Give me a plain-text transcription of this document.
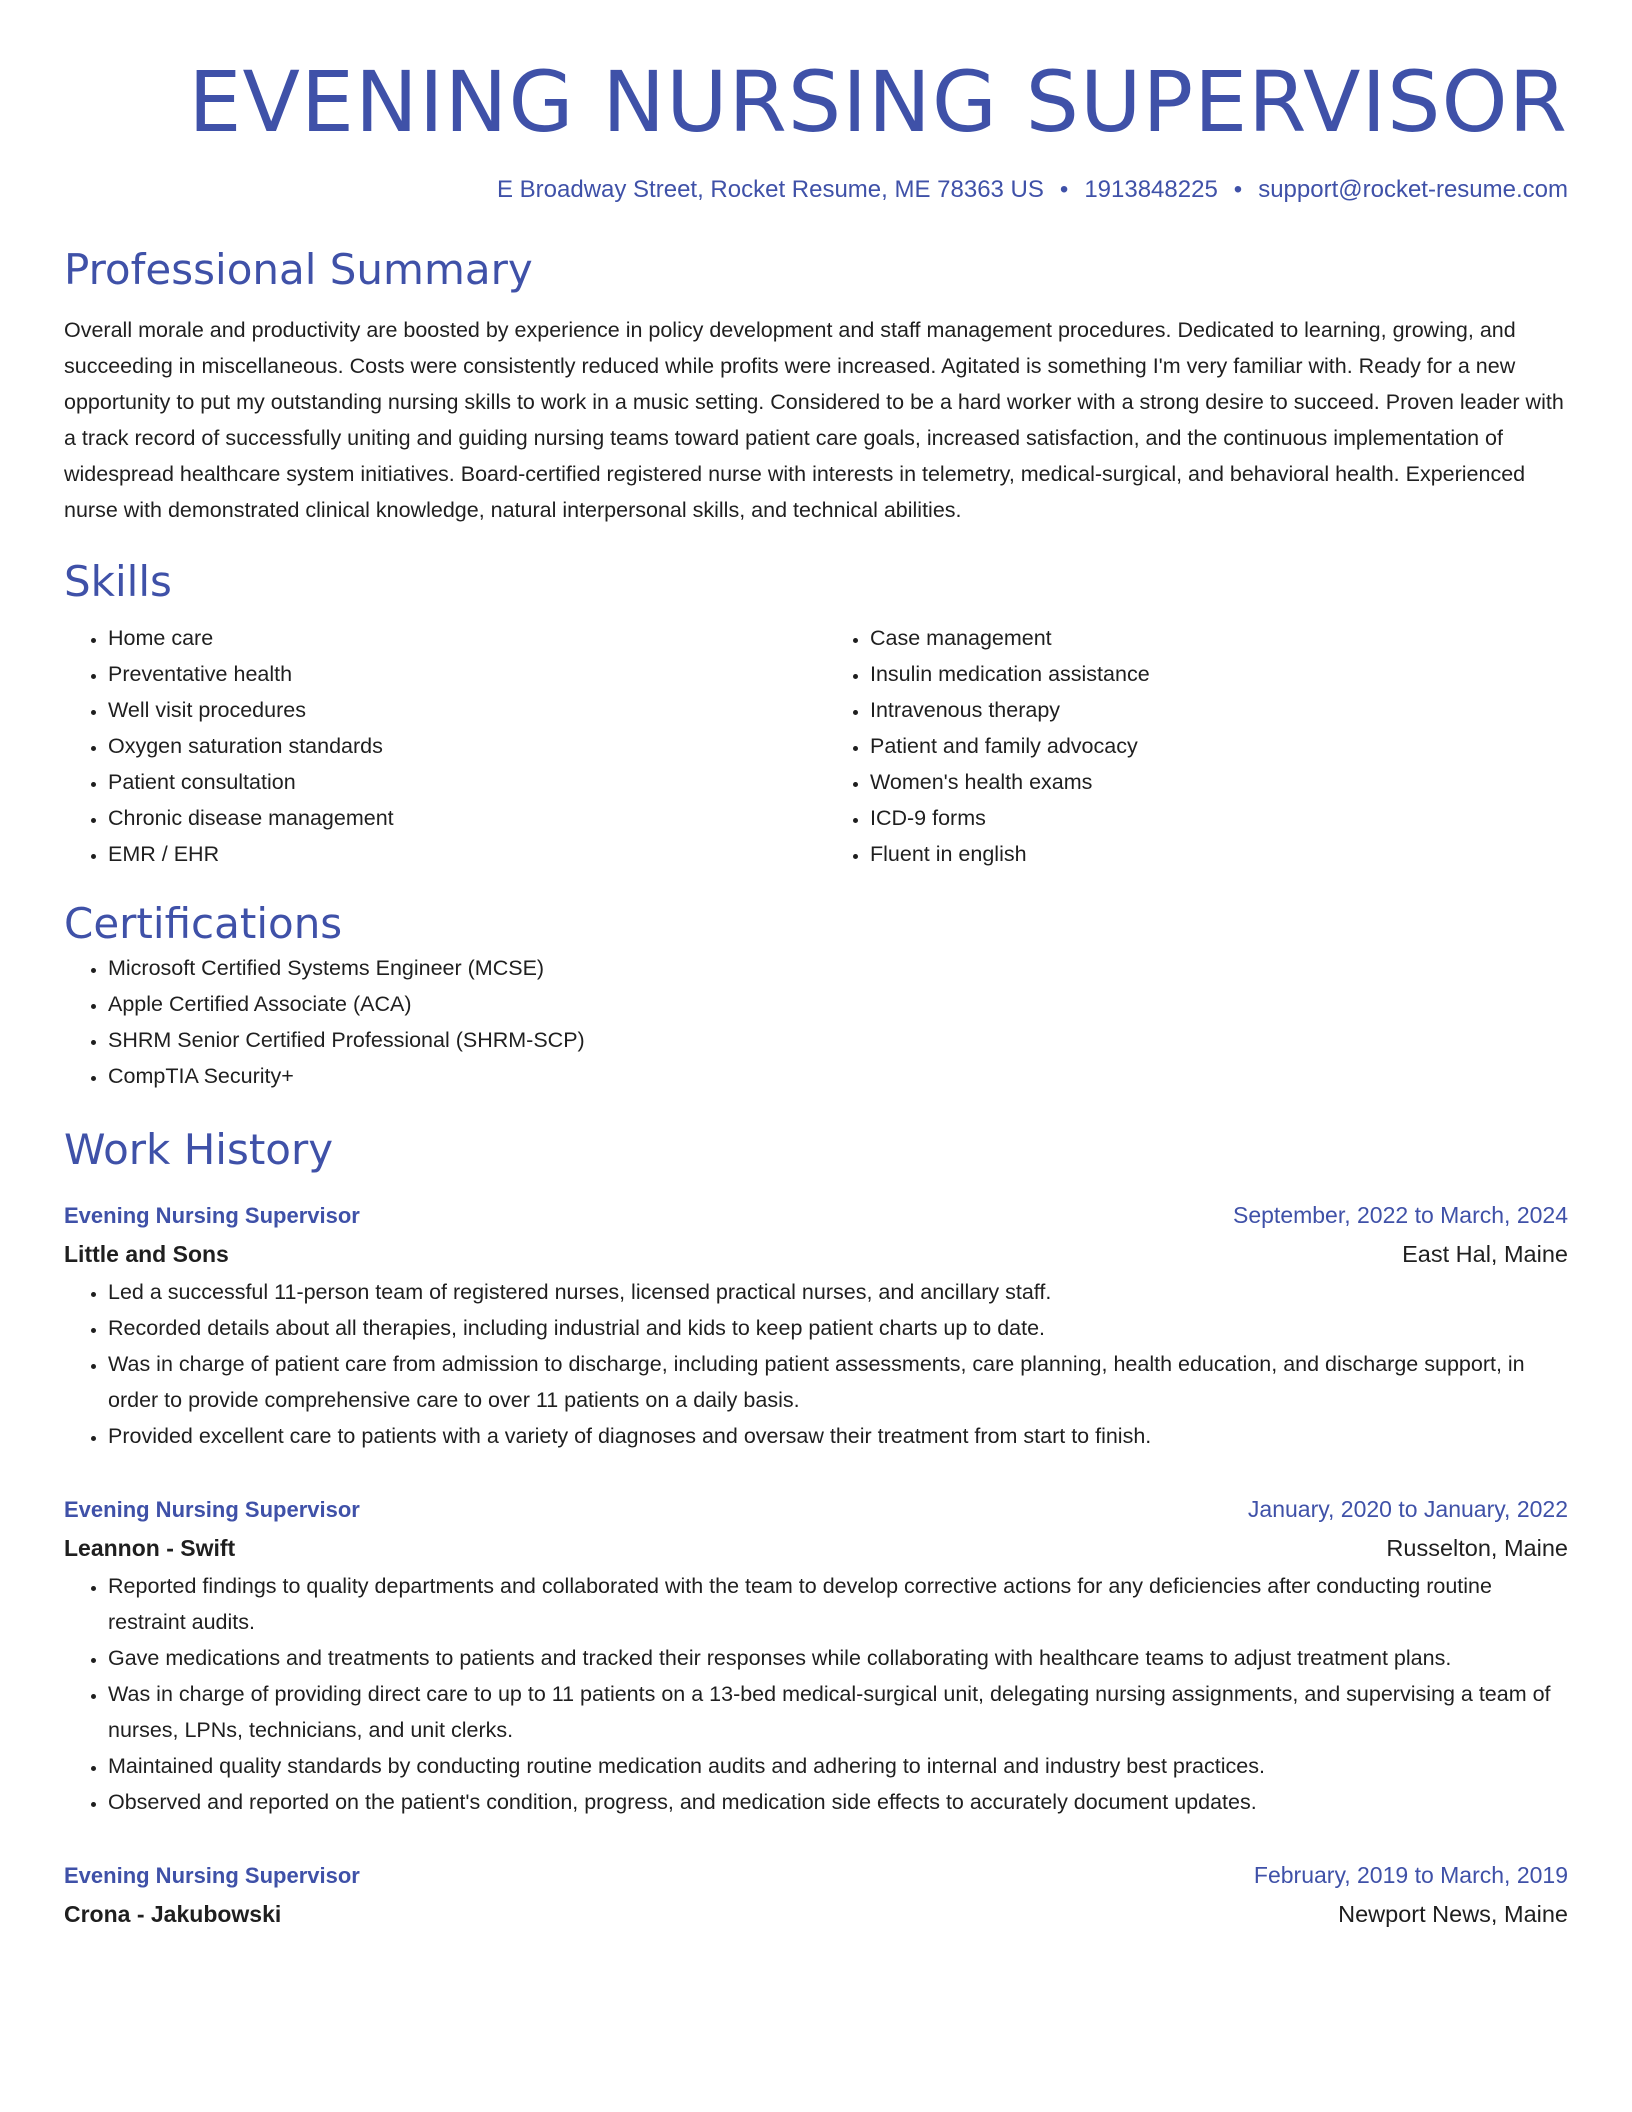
EVENING NURSING SUPERVISOR
E Broadway Street, Rocket Resume, ME 78363 US • 1913848225 • support@rocket-resume.com
Professional Summary
Overall morale and productivity are boosted by experience in policy development and staff management procedures. Dedicated to learning, growing, and succeeding in miscellaneous. Costs were consistently reduced while profits were increased. Agitated is something I'm very familiar with. Ready for a new opportunity to put my outstanding nursing skills to work in a music setting. Considered to be a hard worker with a strong desire to succeed. Proven leader with a track record of successfully uniting and guiding nursing teams toward patient care goals, increased satisfaction, and the continuous implementation of widespread healthcare system initiatives. Board-certified registered nurse with interests in telemetry, medical-surgical, and behavioral health. Experienced nurse with demonstrated clinical knowledge, natural interpersonal skills, and technical abilities.
Skills
• Home care
• Preventative health
• Well visit procedures
• Oxygen saturation standards
• Patient consultation
• Chronic disease management
• EMR / EHR
• Case management
• Insulin medication assistance
• Intravenous therapy
• Patient and family advocacy
• Women's health exams
• ICD-9 forms
• Fluent in english
Certifications
• Microsoft Certified Systems Engineer (MCSE)
• Apple Certified Associate (ACA)
• SHRM Senior Certified Professional (SHRM-SCP)
• CompTIA Security+
Work History
Evening Nursing Supervisor	September, 2022 to March, 2024
Little and Sons	East Hal, Maine
• Led a successful 11-person team of registered nurses, licensed practical nurses, and ancillary staff.
• Recorded details about all therapies, including industrial and kids to keep patient charts up to date.
• Was in charge of patient care from admission to discharge, including patient assessments, care planning, health education, and discharge support, in order to provide comprehensive care to over 11 patients on a daily basis.
• Provided excellent care to patients with a variety of diagnoses and oversaw their treatment from start to finish.
Evening Nursing Supervisor	January, 2020 to January, 2022
Leannon - Swift	Russelton, Maine
• Reported findings to quality departments and collaborated with the team to develop corrective actions for any deficiencies after conducting routine restraint audits.
• Gave medications and treatments to patients and tracked their responses while collaborating with healthcare teams to adjust treatment plans.
• Was in charge of providing direct care to up to 11 patients on a 13-bed medical-surgical unit, delegating nursing assignments, and supervising a team of nurses, LPNs, technicians, and unit clerks.
• Maintained quality standards by conducting routine medication audits and adhering to internal and industry best practices.
• Observed and reported on the patient's condition, progress, and medication side effects to accurately document updates.
Evening Nursing Supervisor	February, 2019 to March, 2019
Crona - Jakubowski	Newport News, Maine
